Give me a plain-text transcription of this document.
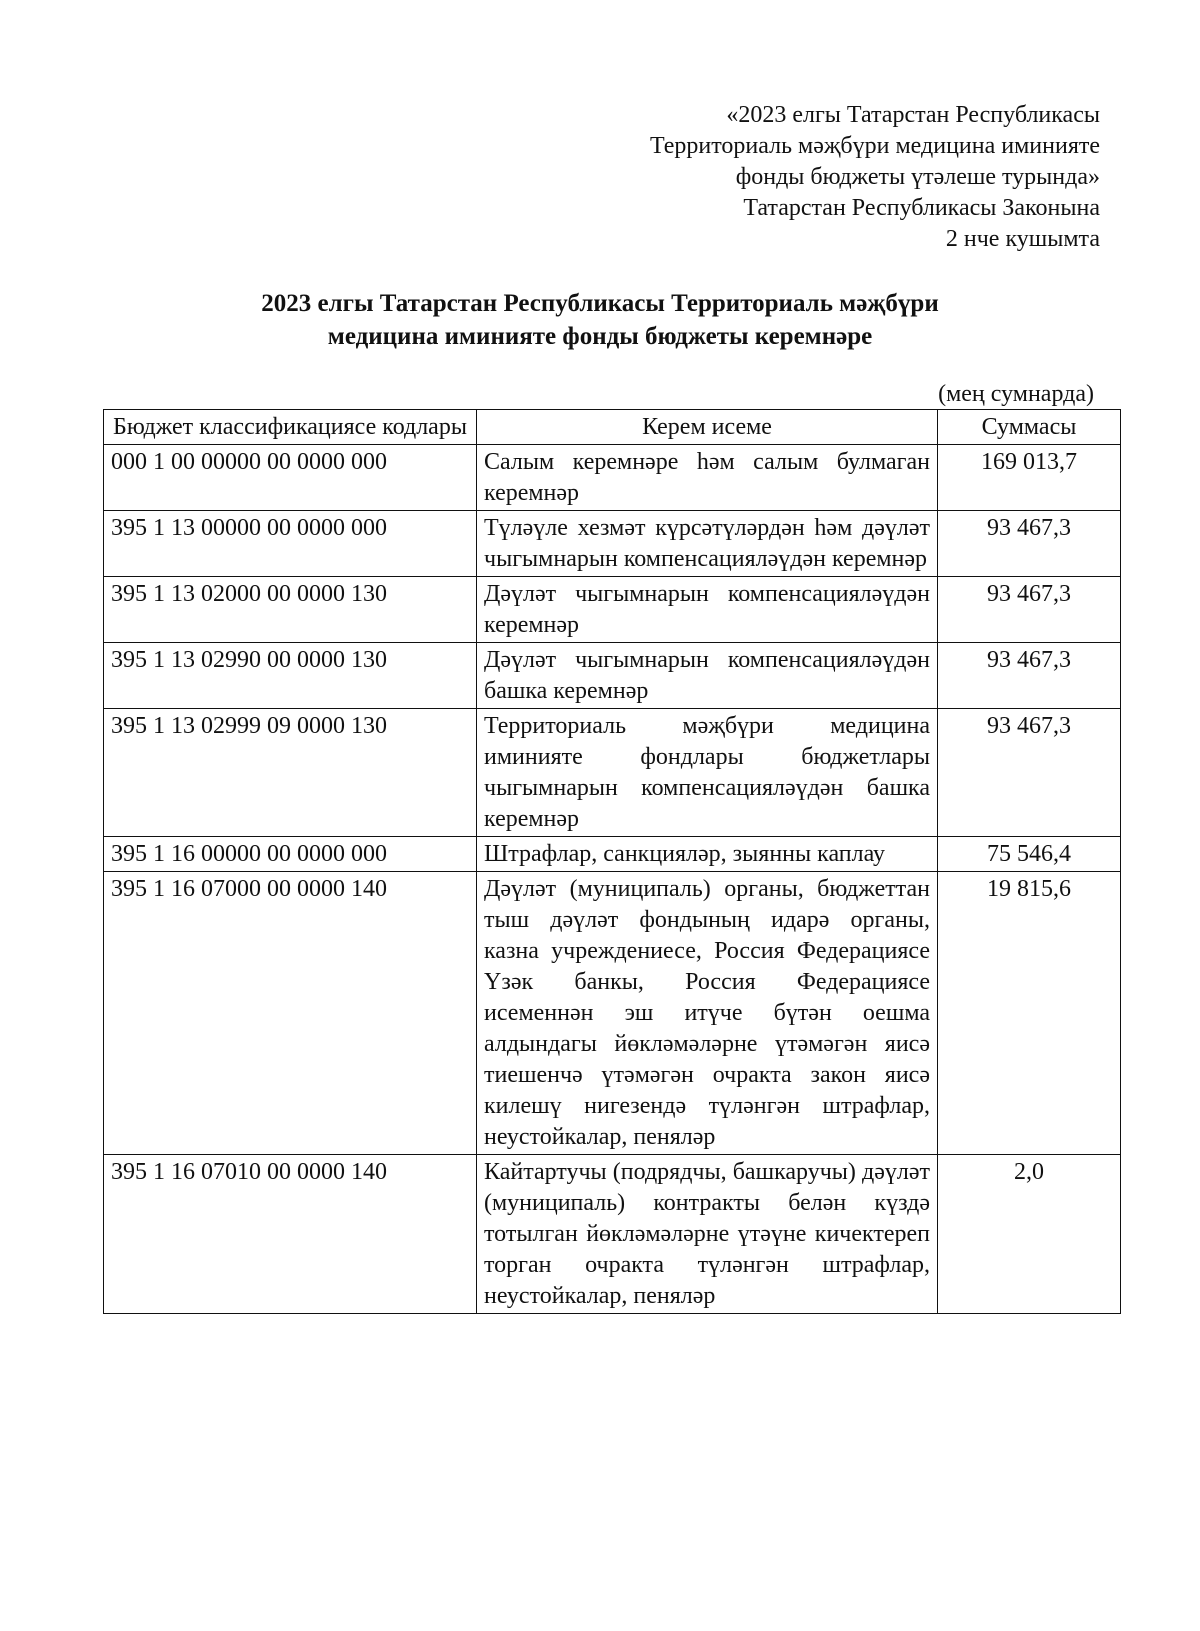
«2023 елгы Татарстан Республикасы
Территориаль мәҗбүри медицина иминияте
фонды бюджеты үтәлеше турында»
Татарстан Республикасы Законына
2 нче кушымта
2023 елгы Татарстан Республикасы Территориаль мәҗбүри
медицина иминияте фонды бюджеты керемнәре
(мең сумнарда)
Бюджет классификациясе кодлары	Керем исеме	Суммасы
000 1 00 00000 00 0000 000	Салым керемнәре һәм салым булмаган керемнәр	169 013,7
395 1 13 00000 00 0000 000	Түләүле хезмәт күрсәтүләрдән һәм дәүләт чыгымнарын компенсацияләүдән керемнәр	93 467,3
395 1 13 02000 00 0000 130	Дәүләт чыгымнарын компенсацияләүдән керемнәр	93 467,3
395 1 13 02990 00 0000 130	Дәүләт чыгымнарын компенсацияләүдән башка керемнәр	93 467,3
395 1 13 02999 09 0000 130	Территориаль мәҗбүри медицина иминияте фондлары бюджетлары чыгымнарын компенсацияләүдән башка керемнәр	93 467,3
395 1 16 00000 00 0000 000	Штрафлар, санкцияләр, зыянны каплау	75 546,4
395 1 16 07000 00 0000 140	Дәүләт (муниципаль) органы, бюджеттан тыш дәүләт фондының идарә органы, казна учреждениесе, Россия Федерациясе Үзәк банкы, Россия Федерациясе исеменнән эш итүче бүтән оешма алдындагы йөкләмәләрне үтәмәгән яисә тиешенчә үтәмәгән очракта закон яисә килешү нигезендә түләнгән штрафлар, неустойкалар, пеняләр	19 815,6
395 1 16 07010 00 0000 140	Кайтартучы (подрядчы, башкаручы) дәүләт (муниципаль) контракты белән күздә тотылган йөкләмәләрне үтәүне кичектереп торган очракта түләнгән штрафлар, неустойкалар, пеняләр	2,0
